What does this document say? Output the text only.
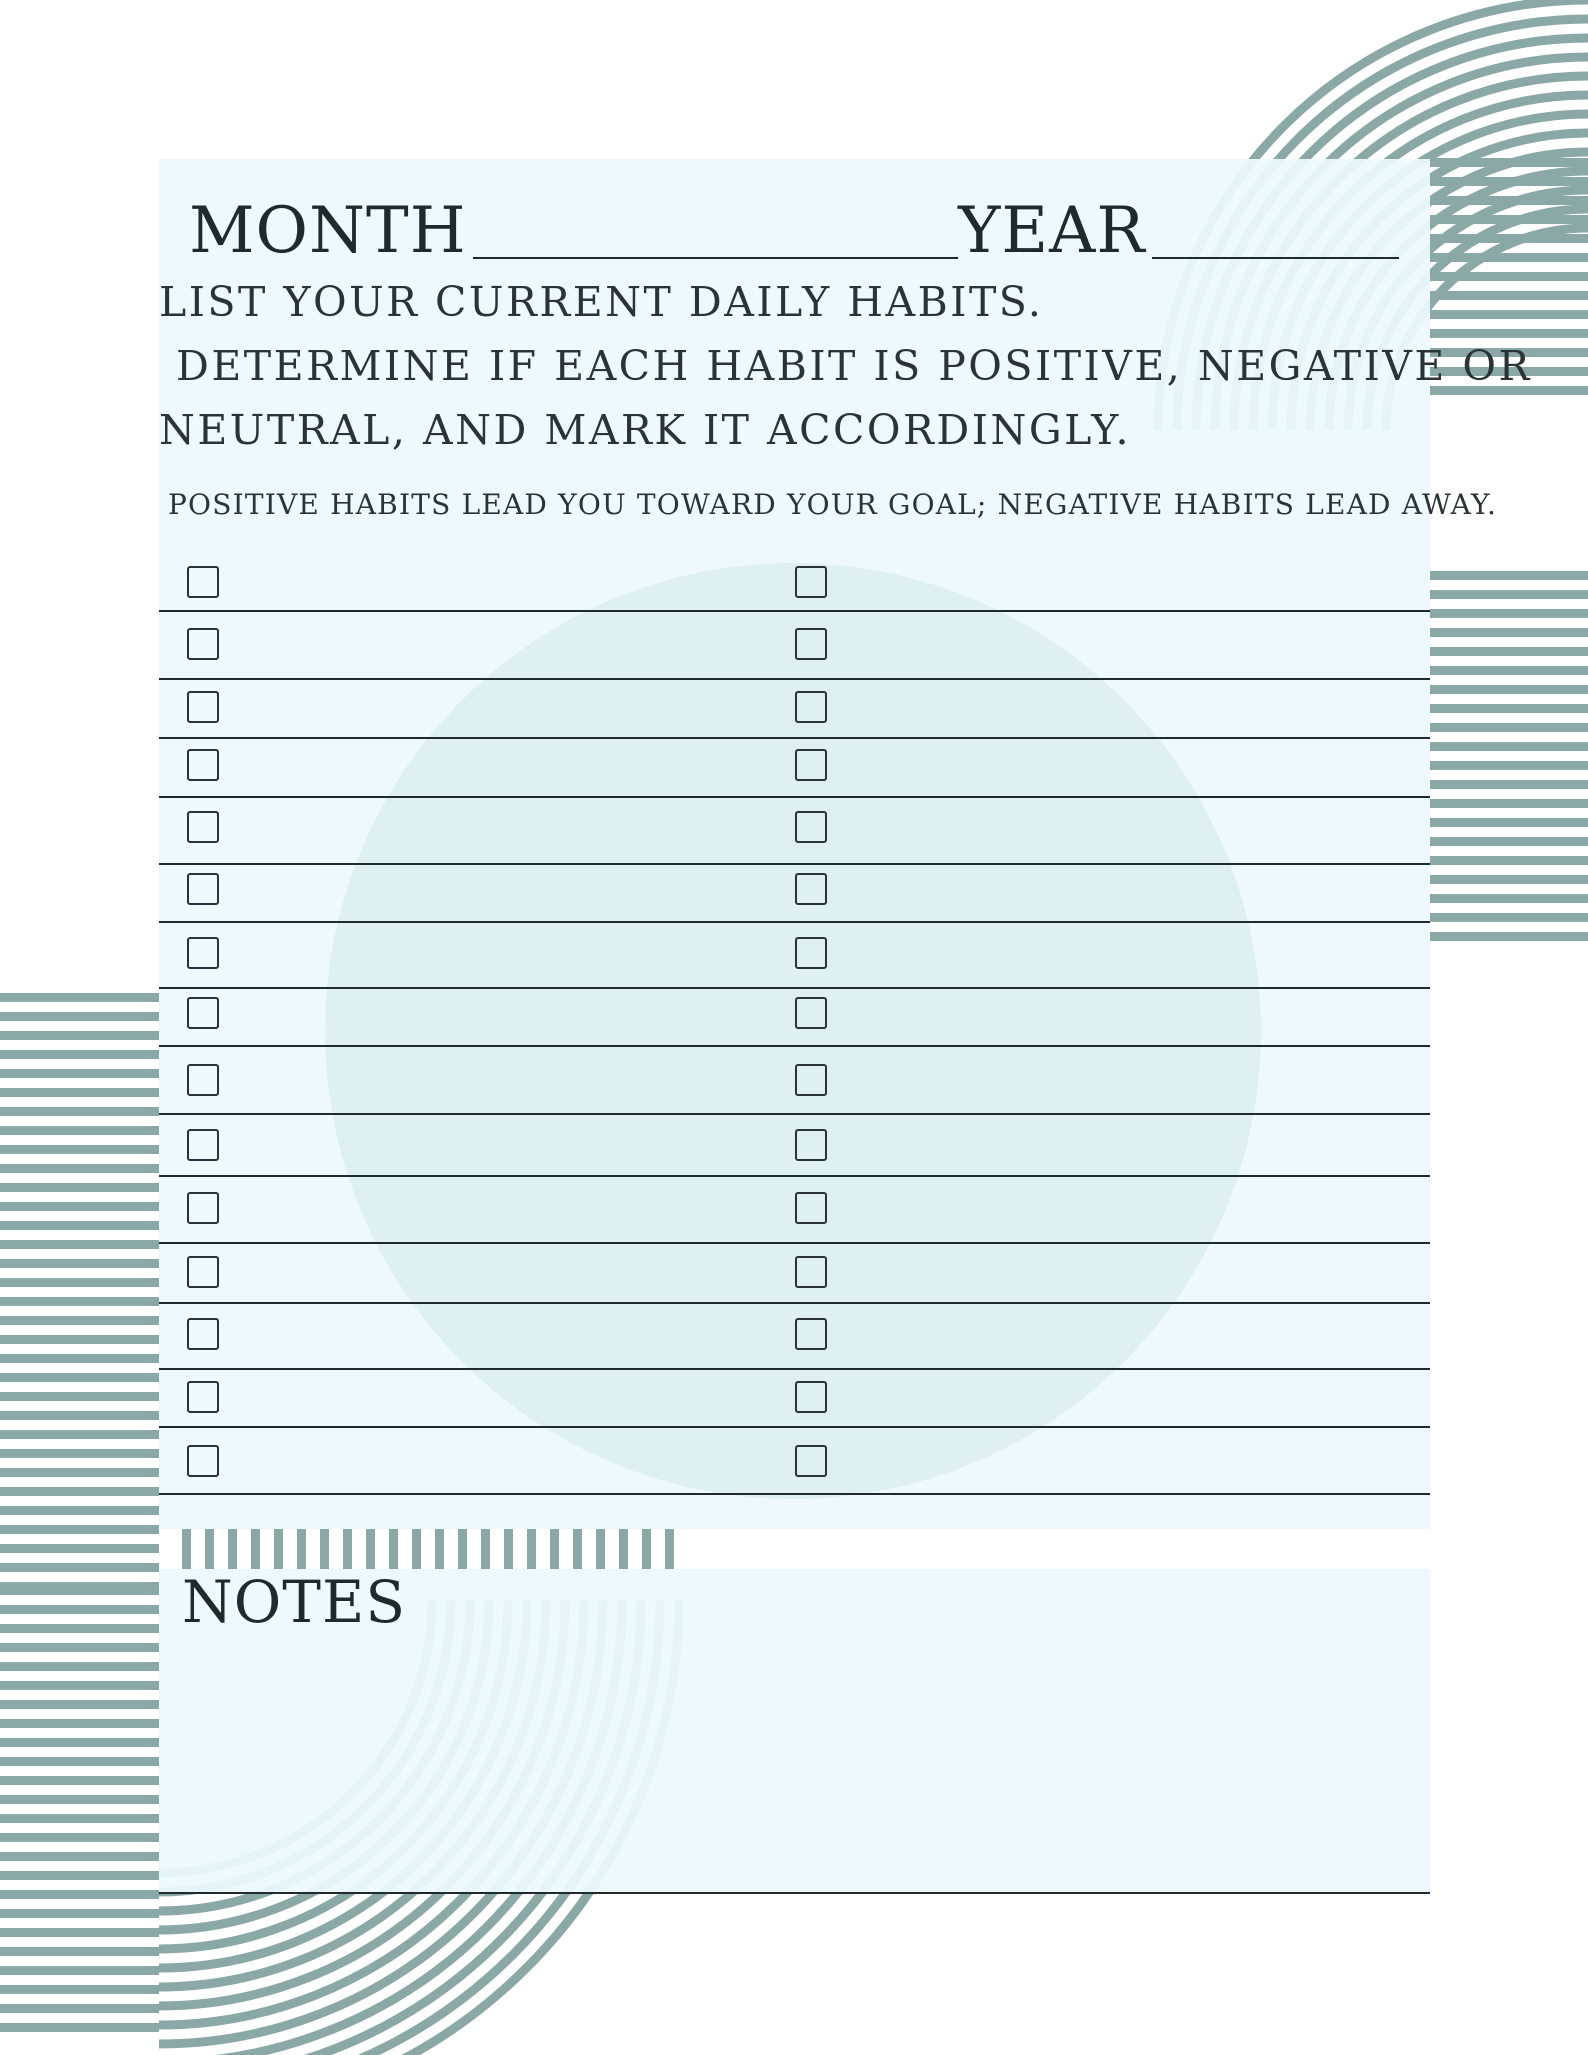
MONTH	YEAR
LIST YOUR CURRENT DAILY HABITS.
DETERMINE IF EACH HABIT IS POSITIVE, NEGATIVE OR
NEUTRAL, AND MARK IT ACCORDINGLY.
POSITIVE HABITS LEAD YOU TOWARD YOUR GOAL; NEGATIVE HABITS LEAD AWAY.
NOTES
